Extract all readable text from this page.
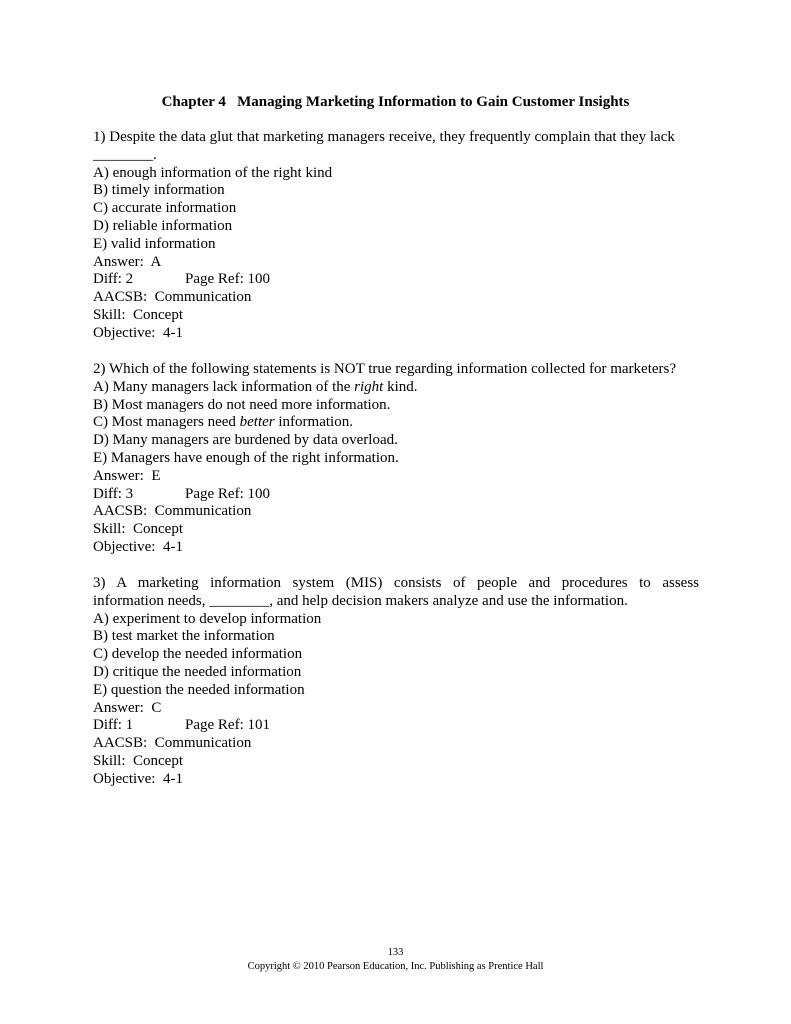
Chapter 4   Managing Marketing Information to Gain Customer Insights
1) Despite the data glut that marketing managers receive, they frequently complain that they lack
________.
A) enough information of the right kind
B) timely information
C) accurate information
D) reliable information
E) valid information
Answer:  A
Diff: 2	Page Ref: 100
AACSB:  Communication
Skill:  Concept
Objective:  4-1
2) Which of the following statements is NOT true regarding information collected for marketers?
A) Many managers lack information of the right kind.
B) Most managers do not need more information.
C) Most managers need better information.
D) Many managers are burdened by data overload.
E) Managers have enough of the right information.
Answer:  E
Diff: 3	Page Ref: 100
AACSB:  Communication
Skill:  Concept
Objective:  4-1
3) A marketing information system (MIS) consists of people and procedures to assess
information needs, ________, and help decision makers analyze and use the information.
A) experiment to develop information
B) test market the information
C) develop the needed information
D) critique the needed information
E) question the needed information
Answer:  C
Diff: 1	Page Ref: 101
AACSB:  Communication
Skill:  Concept
Objective:  4-1
133
Copyright © 2010 Pearson Education, Inc. Publishing as Prentice Hall
